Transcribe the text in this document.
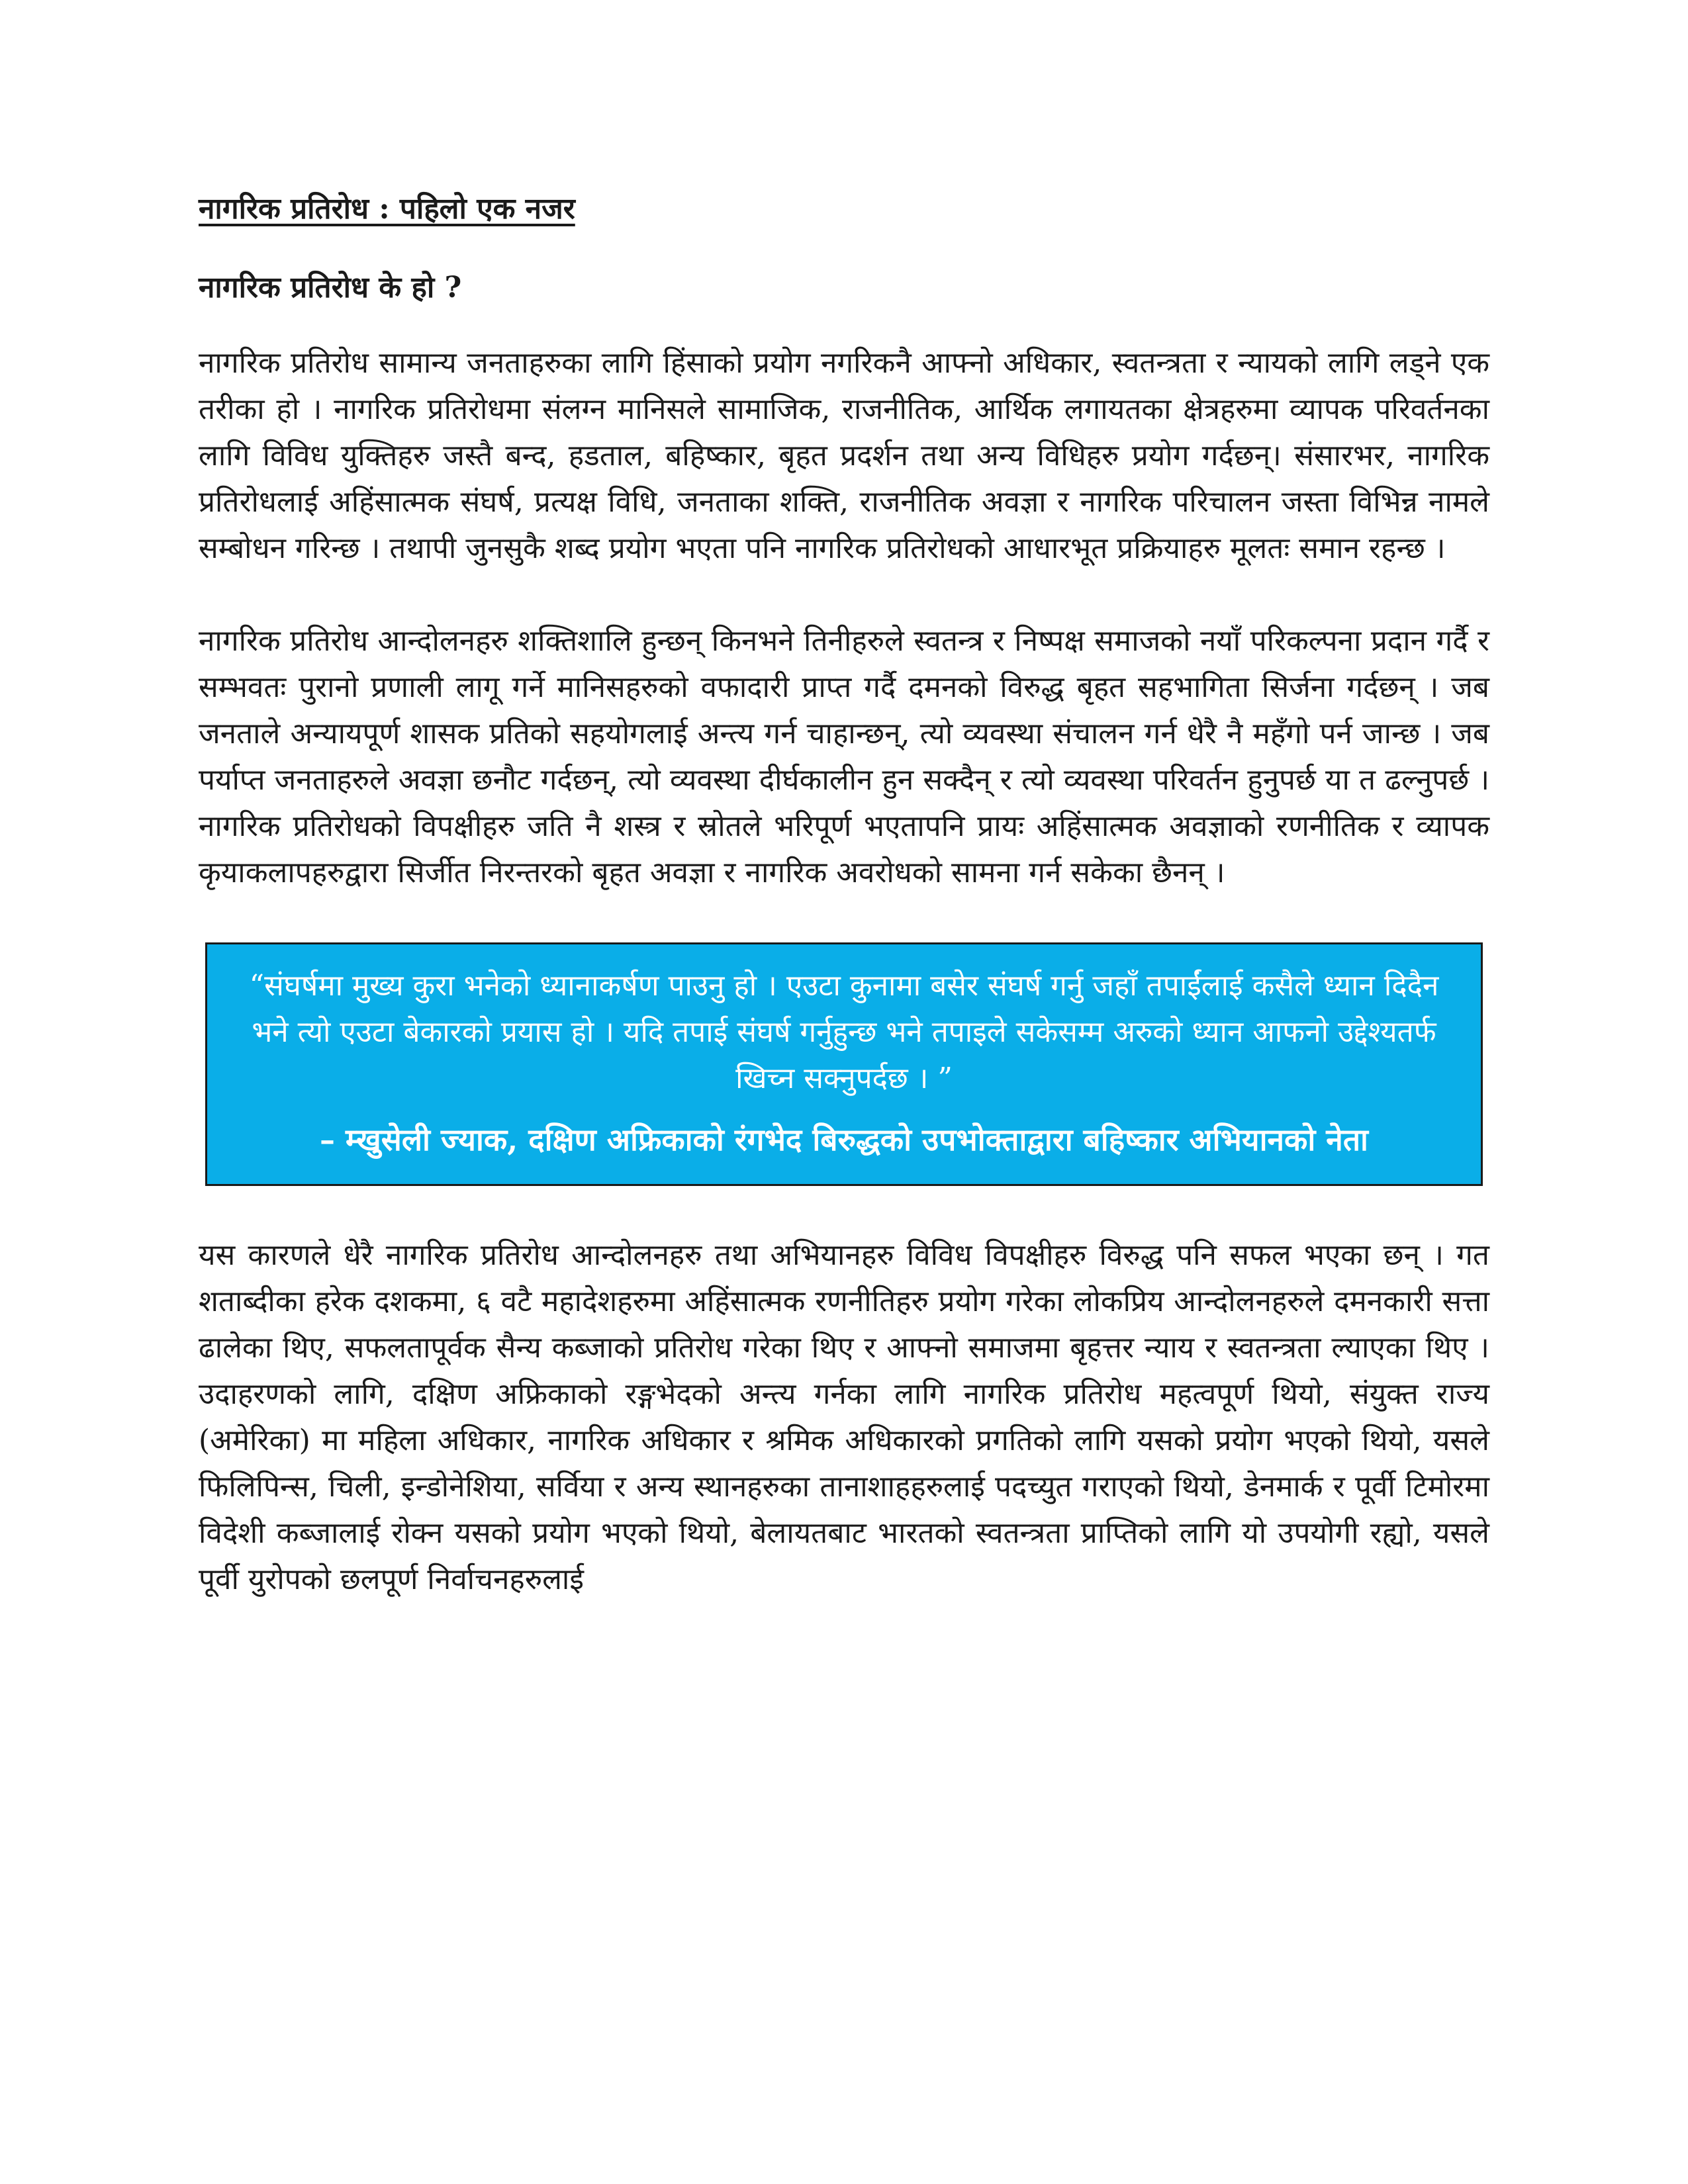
नागरिक प्रतिरोध : पहिलो एक नजर
नागरिक प्रतिरोध के हो ?

नागरिक प्रतिरोध सामान्य जनताहरुका लागि हिंसाको प्रयोग नगरिकनै आफ्नो अधिकार, स्वतन्त्रता र न्यायको लागि लड्ने एक तरीका हो । नागरिक प्रतिरोधमा संलग्न मानिसले सामाजिक, राजनीतिक, आर्थिक लगायतका क्षेत्रहरुमा व्यापक परिवर्तनका लागि विविध युक्तिहरु जस्तै बन्द, हडताल, बहिष्कार, बृहत प्रदर्शन तथा अन्य विधिहरु प्रयोग गर्दछन्। संसारभर, नागरिक प्रतिरोधलाई अहिंसात्मक संघर्ष, प्रत्यक्ष विधि, जनताका शक्ति, राजनीतिक अवज्ञा र नागरिक परिचालन जस्ता विभिन्न नामले सम्बोधन गरिन्छ । तथापी जुनसुकै शब्द प्रयोग भएता पनि नागरिक प्रतिरोधको आधारभूत प्रक्रियाहरु मूलतः समान रहन्छ ।

नागरिक प्रतिरोध आन्दोलनहरु शक्तिशालि हुन्छन् किनभने तिनीहरुले स्वतन्त्र र निष्पक्ष समाजको नयाँ परिकल्पना प्रदान गर्दै र सम्भवतः पुरानो प्रणाली लागू गर्ने मानिसहरुको वफादारी प्राप्त गर्दै दमनको विरुद्ध बृहत सहभागिता सिर्जना गर्दछन् । जब जनताले अन्यायपूर्ण शासक प्रतिको सहयोगलाई अन्त्य गर्न चाहान्छन्, त्यो व्यवस्था संचालन गर्न धेरै नै महँगो पर्न जान्छ । जब पर्याप्त जनताहरुले अवज्ञा छनौट गर्दछन्, त्यो व्यवस्था दीर्घकालीन हुन सक्दैन् र त्यो व्यवस्था परिवर्तन हुनुपर्छ या त ढल्नुपर्छ । नागरिक प्रतिरोधको विपक्षीहरु जति नै शस्त्र र स्रोतले भरिपूर्ण भएतापनि प्रायः अहिंसात्मक अवज्ञाको रणनीतिक र व्यापक कृयाकलापहरुद्वारा सिर्जीत निरन्तरको बृहत अवज्ञा र नागरिक अवरोधको सामना गर्न सकेका छैनन् ।

“संघर्षमा मुख्य कुरा भनेको ध्यानाकर्षण पाउनु हो । एउटा कुनामा बसेर संघर्ष गर्नु जहाँ तपाईंलाई कसैले ध्यान दिदैन भने त्यो एउटा बेकारको प्रयास हो । यदि तपाई संघर्ष गर्नुहुन्छ भने तपाइले सकेसम्म अरुको ध्यान आफनो उद्देश्यतर्फ खिच्न सक्नुपर्दछ । ”

– म्खुसेली ज्याक, दक्षिण अफ्रिकाको रंगभेद बिरुद्धको उपभोक्ताद्वारा बहिष्कार अभियानको नेता

यस कारणले धेरै नागरिक प्रतिरोध आन्दोलनहरु तथा अभियानहरु विविध विपक्षीहरु विरुद्ध पनि सफल भएका छन् । गत शताब्दीका हरेक दशकमा, ६ वटै महादेशहरुमा अहिंसात्मक रणनीतिहरु प्रयोग गरेका लोकप्रिय आन्दोलनहरुले दमनकारी सत्ता ढालेका थिए, सफलतापूर्वक सैन्य कब्जाको प्रतिरोध गरेका थिए र आफ्नो समाजमा बृहत्तर न्याय र स्वतन्त्रता ल्याएका थिए । उदाहरणको लागि, दक्षिण अफ्रिकाको रङ्गभेदको अन्त्य गर्नका लागि नागरिक प्रतिरोध महत्वपूर्ण थियो, संयुक्त राज्य (अमेरिका) मा महिला अधिकार, नागरिक अधिकार र श्रमिक अधिकारको प्रगतिको लागि यसको प्रयोग भएको थियो, यसले फिलिपिन्स, चिली, इन्डोनेशिया, सर्विया र अन्य स्थानहरुका तानाशाहहरुलाई पदच्युत गराएको थियो, डेनमार्क र पूर्वी टिमोरमा विदेशी कब्जालाई रोक्न यसको प्रयोग भएको थियो, बेलायतबाट भारतको स्वतन्त्रता प्राप्तिको लागि यो उपयोगी रह्यो, यसले पूर्वी युरोपको छलपूर्ण निर्वाचनहरुलाई
